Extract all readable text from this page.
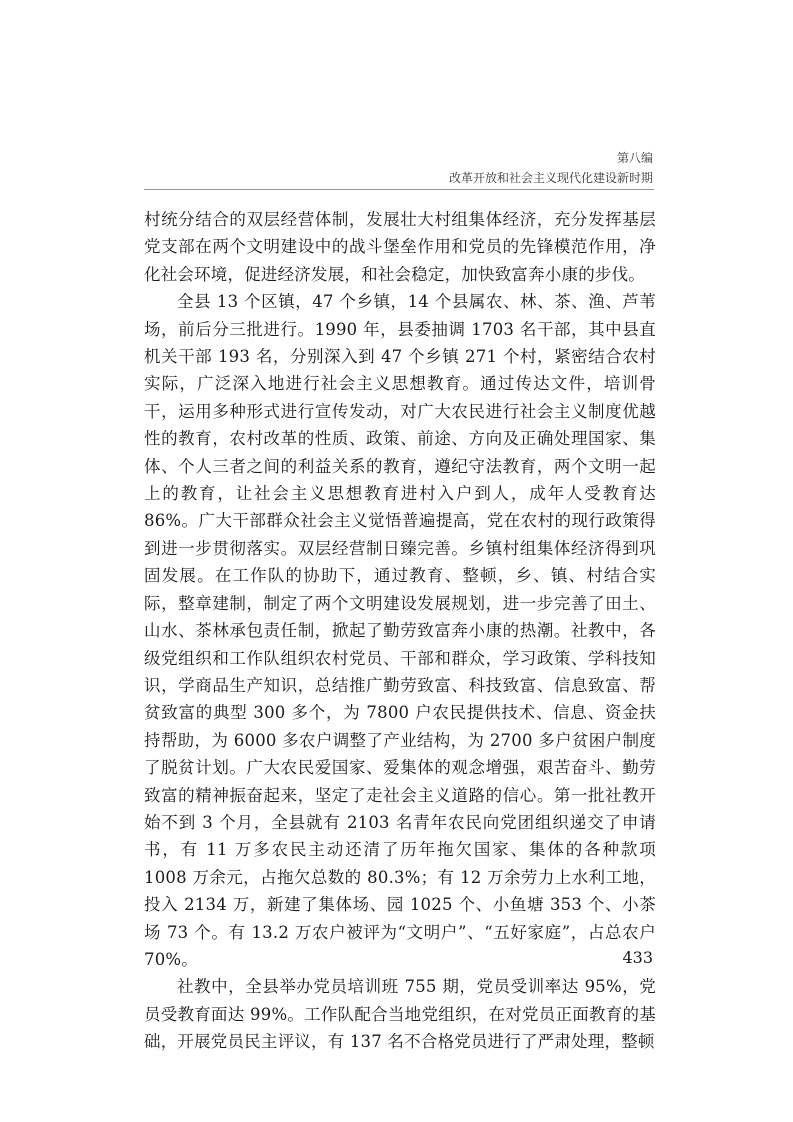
第八编
改革开放和社会主义现代化建设新时期

村统分结合的双层经营体制，发展壮大村组集体经济，充分发挥基层党支部在两个文明建设中的战斗堡垒作用和党员的先锋模范作用，净化社会环境，促进经济发展，和社会稳定，加快致富奔小康的步伐。

全县 13 个区镇，47 个乡镇，14 个县属农、林、茶、渔、芦苇场，前后分三批进行。1990 年，县委抽调 1703 名干部，其中县直机关干部 193 名，分别深入到 47 个乡镇 271 个村，紧密结合农村实际，广泛深入地进行社会主义思想教育。通过传达文件，培训骨干，运用多种形式进行宣传发动，对广大农民进行社会主义制度优越性的教育，农村改革的性质、政策、前途、方向及正确处理国家、集体、个人三者之间的利益关系的教育，遵纪守法教育，两个文明一起上的教育，让社会主义思想教育进村入户到人，成年人受教育达 86%。广大干部群众社会主义觉悟普遍提高，党在农村的现行政策得到进一步贯彻落实。双层经营制日臻完善。乡镇村组集体经济得到巩固发展。在工作队的协助下，通过教育、整顿，乡、镇、村结合实际，整章建制，制定了两个文明建设发展规划，进一步完善了田土、山水、茶林承包责任制，掀起了勤劳致富奔小康的热潮。社教中，各级党组织和工作队组织农村党员、干部和群众，学习政策、学科技知识，学商品生产知识，总结推广勤劳致富、科技致富、信息致富、帮贫致富的典型 300 多个，为 7800 户农民提供技术、信息、资金扶持帮助，为 6000 多农户调整了产业结构，为 2700 多户贫困户制度了脱贫计划。广大农民爱国家、爱集体的观念增强，艰苦奋斗、勤劳致富的精神振奋起来，坚定了走社会主义道路的信心。第一批社教开始不到 3 个月，全县就有 2103 名青年农民向党团组织递交了申请书，有 11 万多农民主动还清了历年拖欠国家、集体的各种款项 1008 万余元，占拖欠总数的 80.3%；有 12 万余劳力上水利工地，投入 2134 万，新建了集体场、园 1025 个、小鱼塘 353 个、小茶场 73 个。有 13.2 万农户被评为“文明户”、“五好家庭”，占总农户 70%。

社教中，全县举办党员培训班 755 期，党员受训率达 95%，党员受教育面达 99%。工作队配合当地党组织，在对党员正面教育的基础，开展党员民主评议，有 137 名不合格党员进行了严肃处理，整顿

433
